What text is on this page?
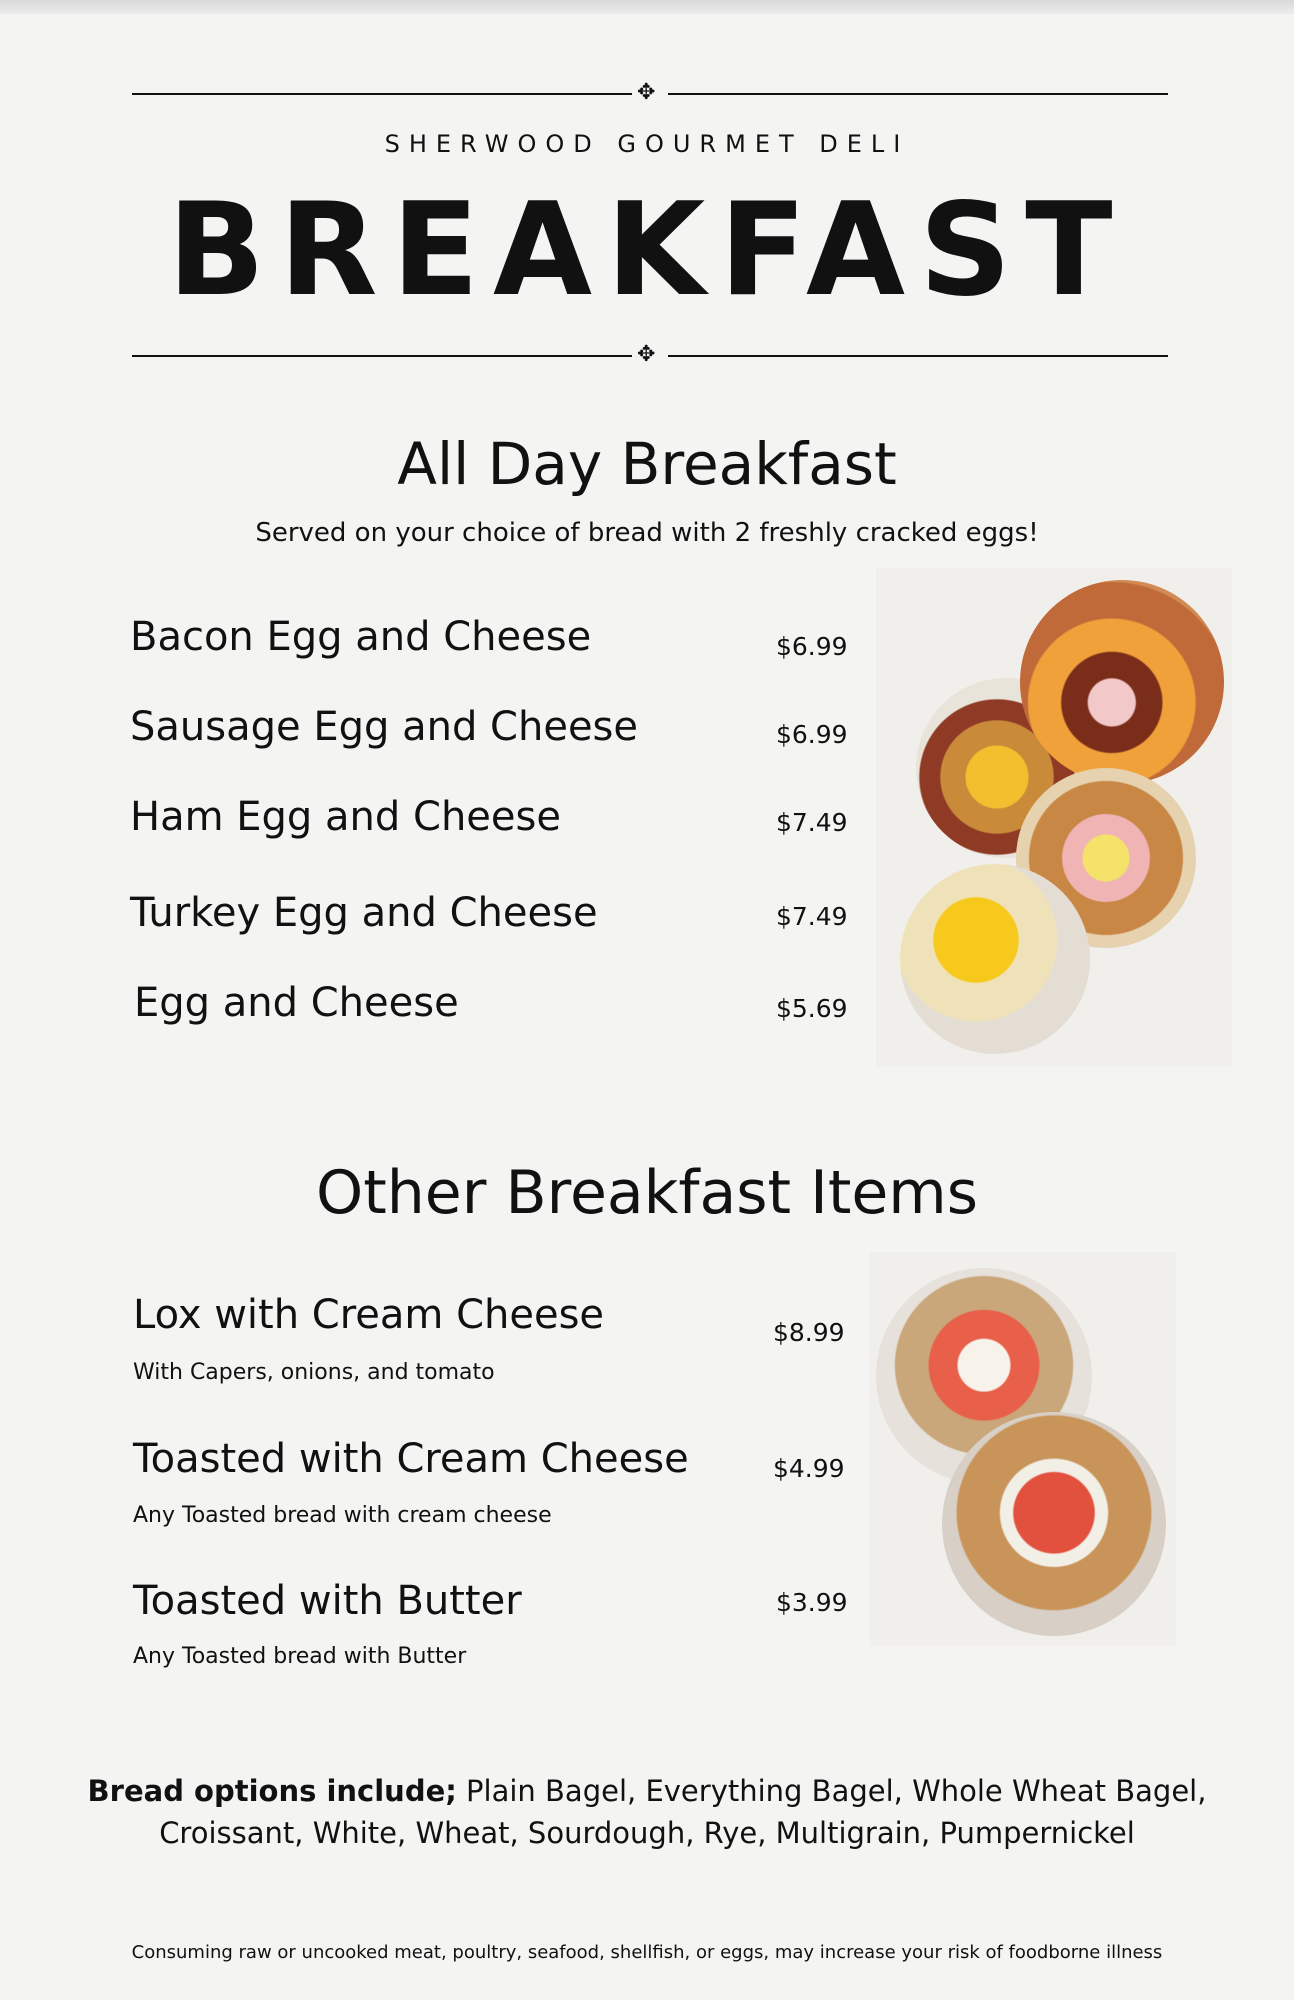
✥
SHERWOOD GOURMET DELI
BREAKFAST
✥
All Day Breakfast
Served on your choice of bread with 2 freshly cracked eggs!
Bacon Egg and Cheese	$6.99
Sausage Egg and Cheese	$6.99
Ham Egg and Cheese	$7.49
Turkey Egg and Cheese	$7.49
Egg and Cheese	$5.69
Other Breakfast Items
Lox with Cream Cheese	$8.99
With Capers, onions, and tomato
Toasted with Cream Cheese	$4.99
Any Toasted bread with cream cheese
Toasted with Butter	$3.99
Any Toasted bread with Butter
Bread options include; Plain Bagel, Everything Bagel, Whole Wheat Bagel, Croissant, White, Wheat, Sourdough, Rye, Multigrain, Pumpernickel
Consuming raw or uncooked meat, poultry, seafood, shellfish, or eggs, may increase your risk of foodborne illness
